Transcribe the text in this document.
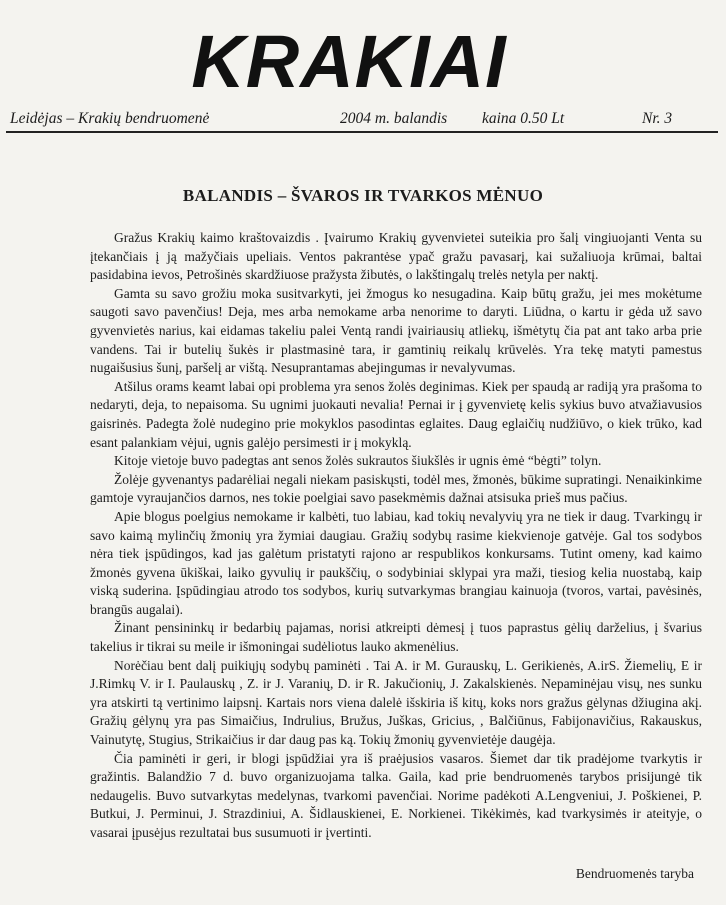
KRAKIAI
Leidėjas – Krakių bendruomenė	2004 m. balandis kaina 0.50 Lt	Nr. 3
BALANDIS – ŠVAROS IR TVARKOS MĖNUO

Gražus Krakių kaimo kraštovaizdis . Įvairumo Krakių gyvenvietei suteikia pro šalį vingiuojanti Venta su įtekančiais į ją mažyčiais upeliais. Ventos pakrantėse ypač gražu pavasarį, kai sužaliuoja krūmai, baltai pasidabina ievos, Petrošinės skardžiuose pražysta žibutės, o lakštingalų trelės netyla per naktį.

Gamta su savo grožiu moka susitvarkyti, jei žmogus ko nesugadina. Kaip būtų gražu, jei mes mokėtume saugoti savo pavenčius! Deja, mes arba nemokame arba nenorime to daryti. Liūdna, o kartu ir gėda už savo gyvenvietės narius, kai eidamas takeliu palei Ventą randi įvairiausių atliekų, išmėtytų čia pat ant tako arba prie vandens. Tai ir butelių šukės ir plastmasinė tara, ir gamtinių reikalų krūvelės. Yra tekę matyti pamestus nugaišusius šunį, paršelį ar vištą. Nesuprantamas abejingumas ir nevalyvumas.

Atšilus orams keamt labai opi problema yra senos žolės deginimas. Kiek per spaudą ar radiją yra prašoma to nedaryti, deja, to nepaisoma. Su ugnimi juokauti nevalia! Pernai ir į gyvenvietę kelis sykius buvo atvažiavusios gaisrinės. Padegta žolė nudegino prie mokyklos pasodintas eglaites. Daug eglaičių nudžiūvo, o kiek trūko, kad esant palankiam vėjui, ugnis galėjo persimesti ir į mokyklą.

Kitoje vietoje buvo padegtas ant senos žolės sukrautos šiukšlės ir ugnis ėmė “bėgti” tolyn.

Žolėje gyvenantys padarėliai negali niekam pasiskųsti, todėl mes, žmonės, būkime supratingi. Nenaikinkime gamtoje vyraujančios darnos, nes tokie poelgiai savo pasekmėmis dažnai atsisuka prieš mus pačius.

Apie blogus poelgius nemokame ir kalbėti, tuo labiau, kad tokių nevalyvių yra ne tiek ir daug. Tvarkingų ir savo kaimą mylinčių žmonių yra žymiai daugiau. Gražių sodybų rasime kiekvienoje gatvėje. Gal tos sodybos nėra tiek įspūdingos, kad jas galėtum pristatyti rajono ar respublikos konkursams. Tutint omeny, kad kaimo žmonės gyvena ūkiškai, laiko gyvulių ir paukščių, o sodybiniai sklypai yra maži, tiesiog kelia nuostabą, kaip viską suderina. Įspūdingiau atrodo tos sodybos, kurių sutvarkymas brangiau kainuoja (tvoros, vartai, pavėsinės, brangūs augalai).

Žinant pensininkų ir bedarbių pajamas, norisi atkreipti dėmesį į tuos paprastus gėlių darželius, į švarius takelius ir tikrai su meile ir išmoningai sudėliotus lauko akmenėlius.

Norėčiau bent dalį puikiųjų sodybų paminėti . Tai A. ir M. Gurauskų, L. Gerikienės, A.irS. Žiemelių, E ir J.Rimkų V. ir I. Paulauskų , Z. ir J. Varanių, D. ir R. Jakučionių, J. Zakalskienės. Nepaminėjau visų, nes sunku yra atskirti tą vertinimo laipsnį. Kartais nors viena dalelė išskiria iš kitų, koks nors gražus gėlynas džiugina akį. Gražių gėlynų yra pas Simaičius, Indrulius, Bružus, Juškas, Gricius, , Balčiūnus, Fabijonavičius, Rakauskus, Vainutytę, Stugius, Strikaičius ir dar daug pas ką. Tokių žmonių gyvenvietėje daugėja.

Čia paminėti ir geri, ir blogi įspūdžiai yra iš praėjusios vasaros. Šiemet dar tik pradėjome tvarkytis ir gražintis. Balandžio 7 d. buvo organizuojama talka. Gaila, kad prie bendruomenės tarybos prisijungė tik nedaugelis. Buvo sutvarkytas medelynas, tvarkomi pavenčiai. Norime padėkoti A.Lengveniui, J. Poškienei, P. Butkui, J. Perminui, J. Strazdiniui, A. Šidlauskienei, E. Norkienei. Tikėkimės, kad tvarkysimės ir ateityje, o vasarai įpusėjus rezultatai bus susumuoti ir įvertinti.

Bendruomenės taryba
